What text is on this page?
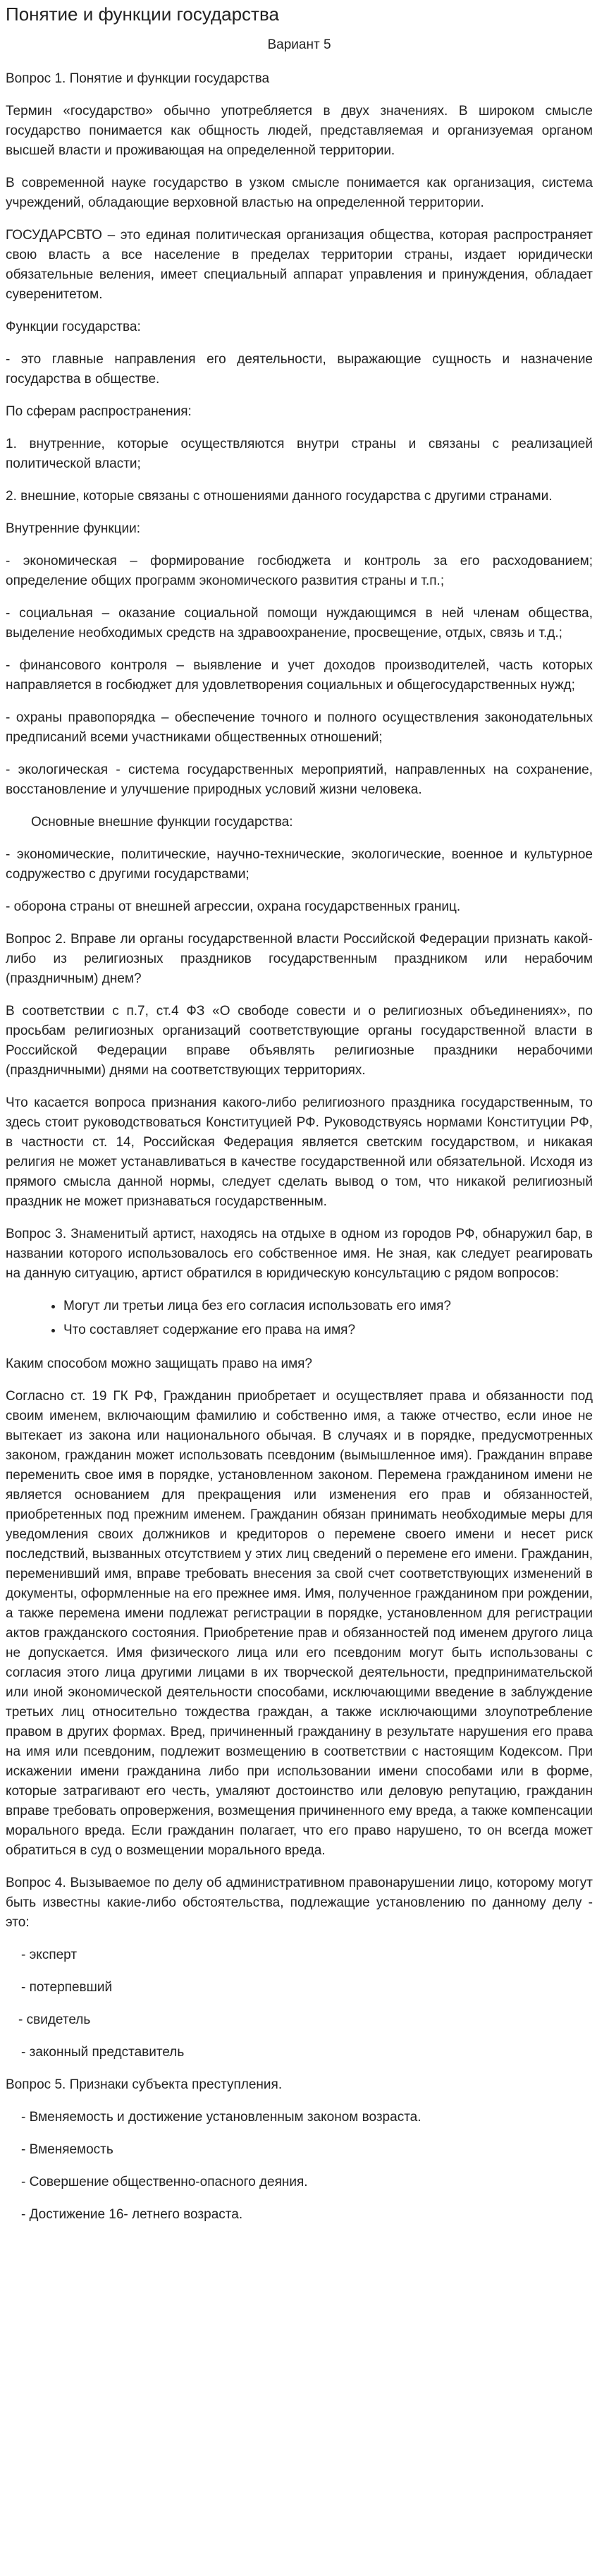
Понятие и функции государства
Вариант 5

Вопрос 1. Понятие и функции государства

Термин «государство» обычно употребляется в двух значениях. В широком смысле государство понимается как общность людей, представляемая и организуемая органом высшей власти и проживающая на определенной территории.

В современной науке государство в узком смысле понимается как организация, система учреждений, обладающие верховной властью на определенной территории.

ГОСУДАРСВТО – это единая политическая организация общества, которая распространяет свою власть а все население в пределах территории страны, издает юридически обязательные веления, имеет специальный аппарат управления и принуждения, обладает суверенитетом.

Функции государства:

- это главные направления его деятельности, выражающие сущность и назначение государства в обществе.

По сферам распространения:

1. внутренние, которые осуществляются внутри страны и связаны с реализацией политической власти;

2. внешние, которые связаны с отношениями данного государства с другими странами.

Внутренние функции:

- экономическая – формирование госбюджета и контроль за его расходованием; определение общих программ экономического развития страны и т.п.;

- социальная – оказание социальной помощи нуждающимся в ней членам общества, выделение необходимых средств на здравоохранение, просвещение, отдых, связь и т.д.;

- финансового контроля – выявление и учет доходов производителей, часть которых направляется в госбюджет для удовлетворения социальных и общегосударственных нужд;

- охраны правопорядка – обеспечение точного и полного осуществления законодательных предписаний всеми участниками общественных отношений;

- экологическая - система государственных мероприятий, направленных на сохранение, восстановление и улучшение природных условий жизни человека.

Основные внешние функции государства:

- экономические, политические, научно-технические, экологические, военное и культурное содружество с другими государствами;

- оборона страны от внешней агрессии, охрана государственных границ.

Вопрос 2. Вправе ли органы государственной власти Российской Федерации признать какой-либо из религиозных праздников государственным праздником или нерабочим (праздничным) днем?

В соответствии с п.7, ст.4 ФЗ «О свободе совести и о религиозных объединениях», по просьбам религиозных организаций соответствующие органы государственной власти в Российской Федерации вправе объявлять религиозные праздники нерабочими (праздничными) днями на соответствующих территориях.

Что касается вопроса признания какого-либо религиозного праздника государственным, то здесь стоит руководствоваться Конституцией РФ. Руководствуясь нормами Конституции РФ, в частности ст. 14, Российская Федерация является светским государством, и никакая религия не может устанавливаться в качестве государственной или обязательной. Исходя из прямого смысла данной нормы, следует сделать вывод о том, что никакой религиозный праздник не может признаваться государственным.

Вопрос 3. Знаменитый артист, находясь на отдыхе в одном из городов РФ, обнаружил бар, в названии которого использовалось его собственное имя. Не зная, как следует реагировать на данную ситуацию, артист обратился в юридическую консультацию с рядом вопросов:

• Могут ли третьи лица без его согласия использовать его имя?
• Что составляет содержание его права на имя?

Каким способом можно защищать право на имя?

Согласно ст. 19 ГК РФ, Гражданин приобретает и осуществляет права и обязанности под своим именем, включающим фамилию и собственно имя, а также отчество, если иное не вытекает из закона или национального обычая. В случаях и в порядке, предусмотренных законом, гражданин может использовать псевдоним (вымышленное имя). Гражданин вправе переменить свое имя в порядке, установленном законом. Перемена гражданином имени не является основанием для прекращения или изменения его прав и обязанностей, приобретенных под прежним именем. Гражданин обязан принимать необходимые меры для уведомления своих должников и кредиторов о перемене своего имени и несет риск последствий, вызванных отсутствием у этих лиц сведений о перемене его имени. Гражданин, переменивший имя, вправе требовать внесения за свой счет соответствующих изменений в документы, оформленные на его прежнее имя. Имя, полученное гражданином при рождении, а также перемена имени подлежат регистрации в порядке, установленном для регистрации актов гражданского состояния. Приобретение прав и обязанностей под именем другого лица не допускается. Имя физического лица или его псевдоним могут быть использованы с согласия этого лица другими лицами в их творческой деятельности, предпринимательской или иной экономической деятельности способами, исключающими введение в заблуждение третьих лиц относительно тождества граждан, а также исключающими злоупотребление правом в других формах. Вред, причиненный гражданину в результате нарушения его права на имя или псевдоним, подлежит возмещению в соответствии с настоящим Кодексом. При искажении имени гражданина либо при использовании имени способами или в форме, которые затрагивают его честь, умаляют достоинство или деловую репутацию, гражданин вправе требовать опровержения, возмещения причиненного ему вреда, а также компенсации морального вреда. Если гражданин полагает, что его право нарушено, то он всегда может обратиться в суд о возмещении морального вреда.

Вопрос 4. Вызываемое по делу об административном правонарушении лицо, которому могут быть известны какие-либо обстоятельства, подлежащие установлению по данному делу - это:

- эксперт
- потерпевший
- свидетель
- законный представитель

Вопрос 5. Признаки субъекта преступления.

- Вменяемость и достижение установленным законом возраста.
- Вменяемость
- Совершение общественно-опасного деяния.
- Достижение 16- летнего возраста.
